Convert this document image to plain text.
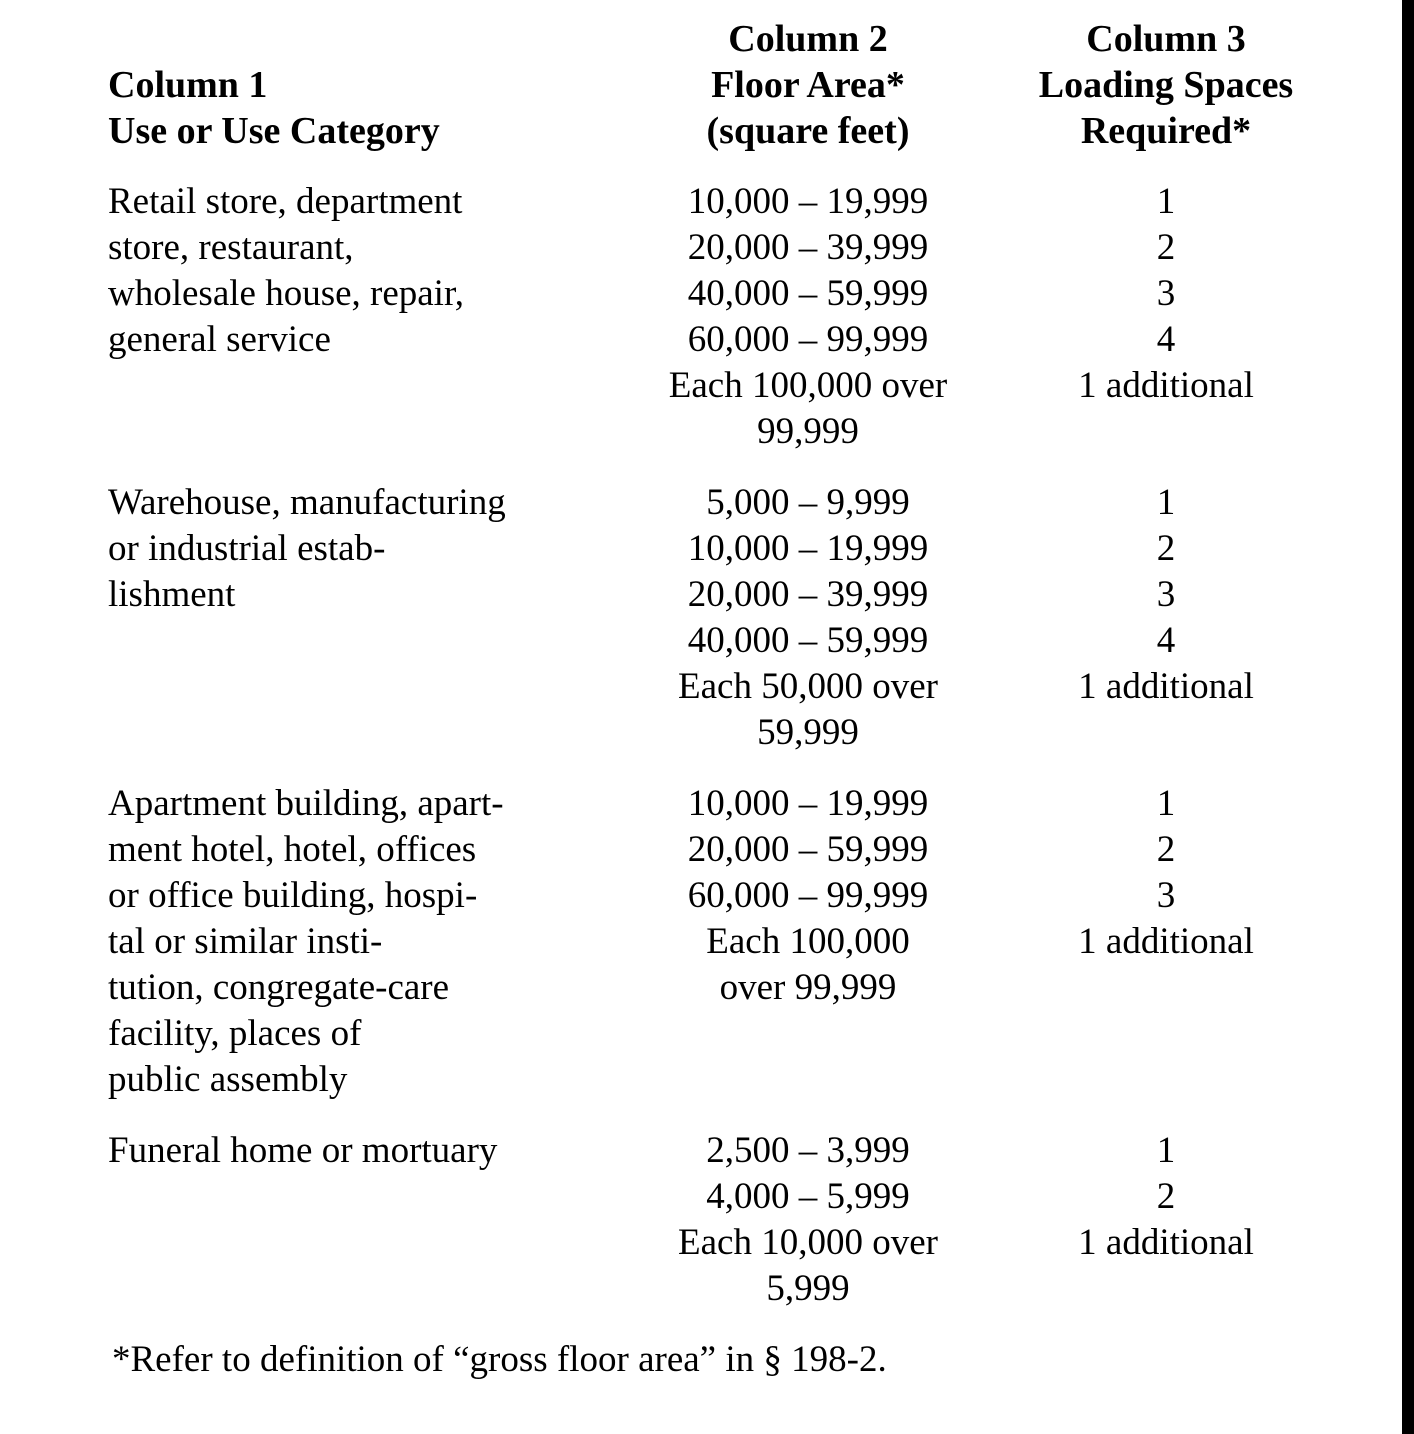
Column 1
Use or Use Category
Column 2
Floor Area*
(square feet)
Column 3
Loading Spaces
Required*
Retail store, department
store, restaurant,
wholesale house, repair,
general service
10,000 – 19,999
20,000 – 39,999
40,000 – 59,999
60,000 – 99,999
Each 100,000 over
99,999
1
2
3
4
1 additional
Warehouse, manufacturing
or industrial estab-
lishment
5,000 – 9,999
10,000 – 19,999
20,000 – 39,999
40,000 – 59,999
Each 50,000 over
59,999
1
2
3
4
1 additional
Apartment building, apart-
ment hotel, hotel, offices
or office building, hospi-
tal or similar insti-
tution, congregate-care
facility, places of
public assembly
10,000 – 19,999
20,000 – 59,999
60,000 – 99,999
Each 100,000
over 99,999
1
2
3
1 additional
Funeral home or mortuary	2,500 – 3,999
4,000 – 5,999
Each 10,000 over
5,999
1
2
1 additional
*Refer to definition of “gross floor area” in § 198-2.
